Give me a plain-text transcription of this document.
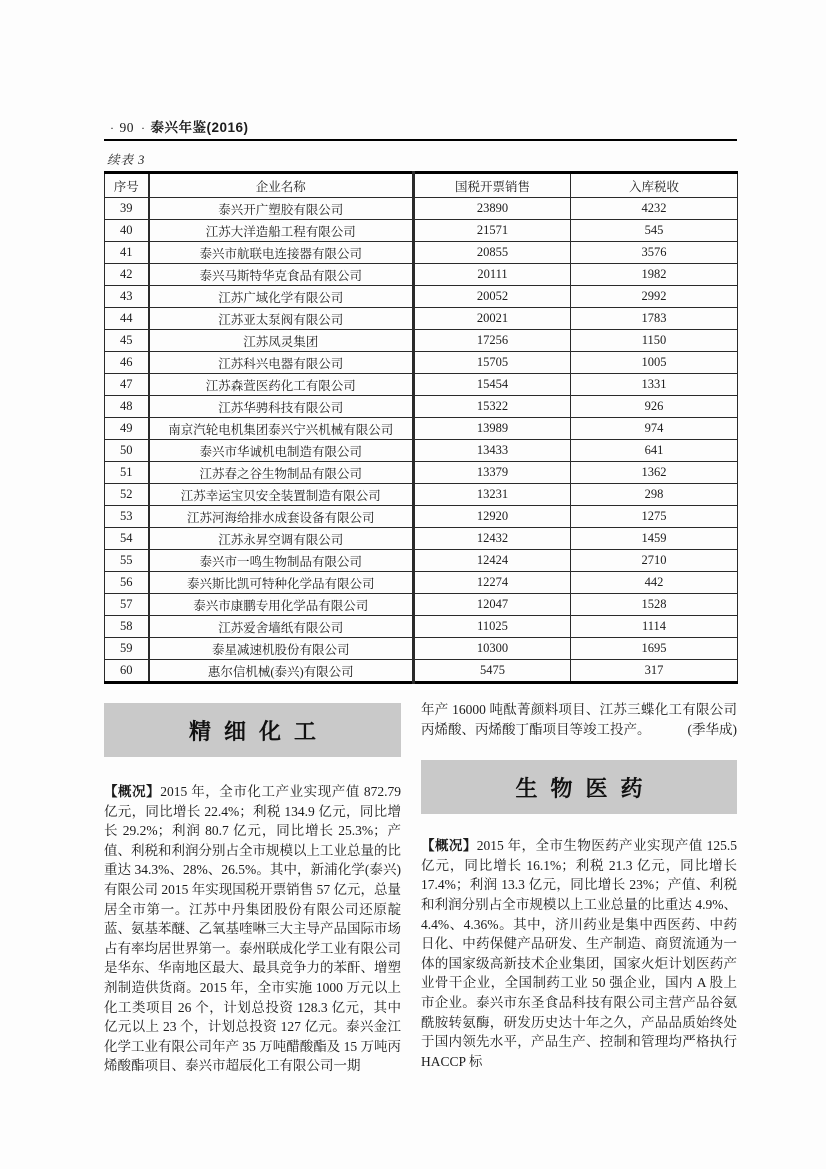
· 90 · 泰兴年鉴(2016)
续表 3
序号	企业名称	国税开票销售	入库税收
39	泰兴开广塑胶有限公司	23890	4232
40	江苏大洋造船工程有限公司	21571	545
41	泰兴市航联电连接器有限公司	20855	3576
42	泰兴马斯特华克食品有限公司	20111	1982
43	江苏广域化学有限公司	20052	2992
44	江苏亚太泵阀有限公司	20021	1783
45	江苏凤灵集团	17256	1150
46	江苏科兴电器有限公司	15705	1005
47	江苏森萱医药化工有限公司	15454	1331
48	江苏华骋科技有限公司	15322	926
49	南京汽轮电机集团泰兴宁兴机械有限公司	13989	974
50	泰兴市华诚机电制造有限公司	13433	641
51	江苏春之谷生物制品有限公司	13379	1362
52	江苏幸运宝贝安全装置制造有限公司	13231	298
53	江苏河海给排水成套设备有限公司	12920	1275
54	江苏永昇空调有限公司	12432	1459
55	泰兴市一鸣生物制品有限公司	12424	2710
56	泰兴斯比凯可特种化学品有限公司	12274	442
57	泰兴市康鹏专用化学品有限公司	12047	1528
58	江苏爱舍墙纸有限公司	11025	1114
59	泰星减速机股份有限公司	10300	1695
60	惠尔信机械(泰兴)有限公司	5475	317
精细化工

【概况】2015 年，全市化工产业实现产值 872.79 亿元，同比增长 22.4%；利税 134.9 亿元，同比增长 29.2%；利润 80.7 亿元，同比增长 25.3%；产值、利税和利润分别占全市规模以上工业总量的比重达 34.3%、28%、26.5%。其中，新浦化学(泰兴)有限公司 2015 年实现国税开票销售 57 亿元，总量居全市第一。江苏中丹集团股份有限公司还原靛蓝、氨基苯醚、乙氧基喹啉三大主导产品国际市场占有率均居世界第一。泰州联成化学工业有限公司是华东、华南地区最大、最具竞争力的苯酐、增塑剂制造供货商。2015 年，全市实施 1000 万元以上化工类项目 26 个，计划总投资 128.3 亿元，其中亿元以上 23 个，计划总投资 127 亿元。泰兴金江化学工业有限公司年产 35 万吨醋酸酯及 15 万吨丙烯酸酯项目、泰兴市超辰化工有限公司一期

年产 16000 吨酞菁颜料项目、江苏三蝶化工有限公司丙烯酸、丙烯酸丁酯项目等竣工投产。	(季华成)

生物医药

【概况】2015 年，全市生物医药产业实现产值 125.5 亿元，同比增长 16.1%；利税 21.3 亿元，同比增长 17.4%；利润 13.3 亿元，同比增长 23%；产值、利税和利润分别占全市规模以上工业总量的比重达 4.9%、4.4%、4.36%。其中，济川药业是集中西医药、中药日化、中药保健产品研发、生产制造、商贸流通为一体的国家级高新技术企业集团，国家火炬计划医药产业骨干企业，全国制药工业 50 强企业，国内 A 股上市企业。泰兴市东圣食品科技有限公司主营产品谷氨酰胺转氨酶，研发历史达十年之久，产品品质始终处于国内领先水平，产品生产、控制和管理均严格执行 HACCP 标
